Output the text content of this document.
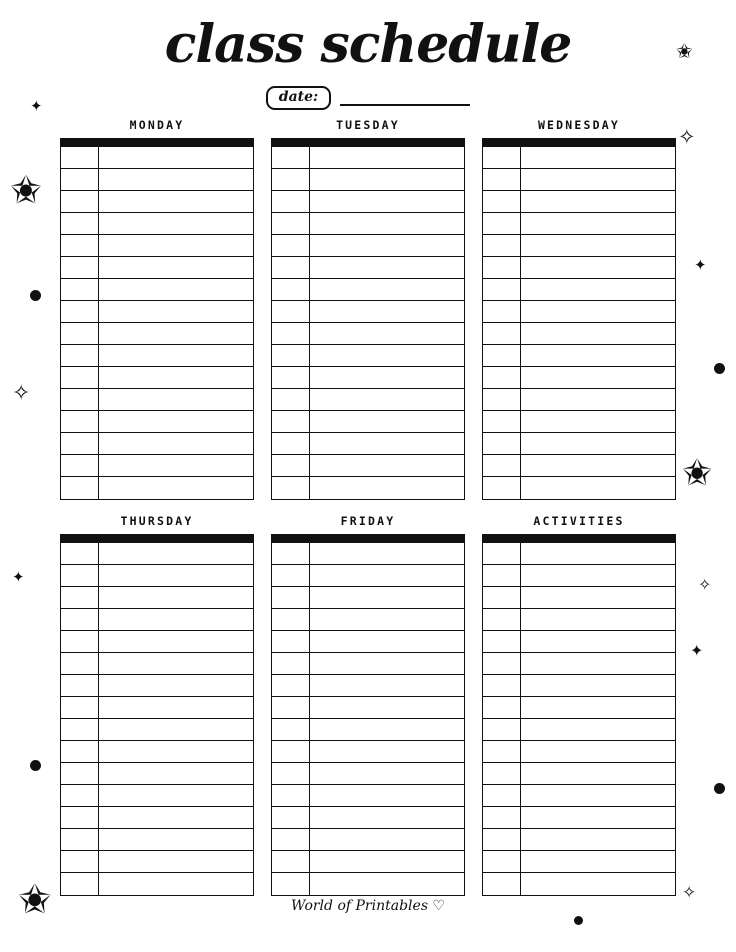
✬
✦
✧
✬
✦
✧
✬
✦	✧
✦
✧
✬
class schedule
date:
MONDAY	TUESDAY	WEDNESDAY
THURSDAY	FRIDAY	ACTIVITIES
World of Printables ♡
